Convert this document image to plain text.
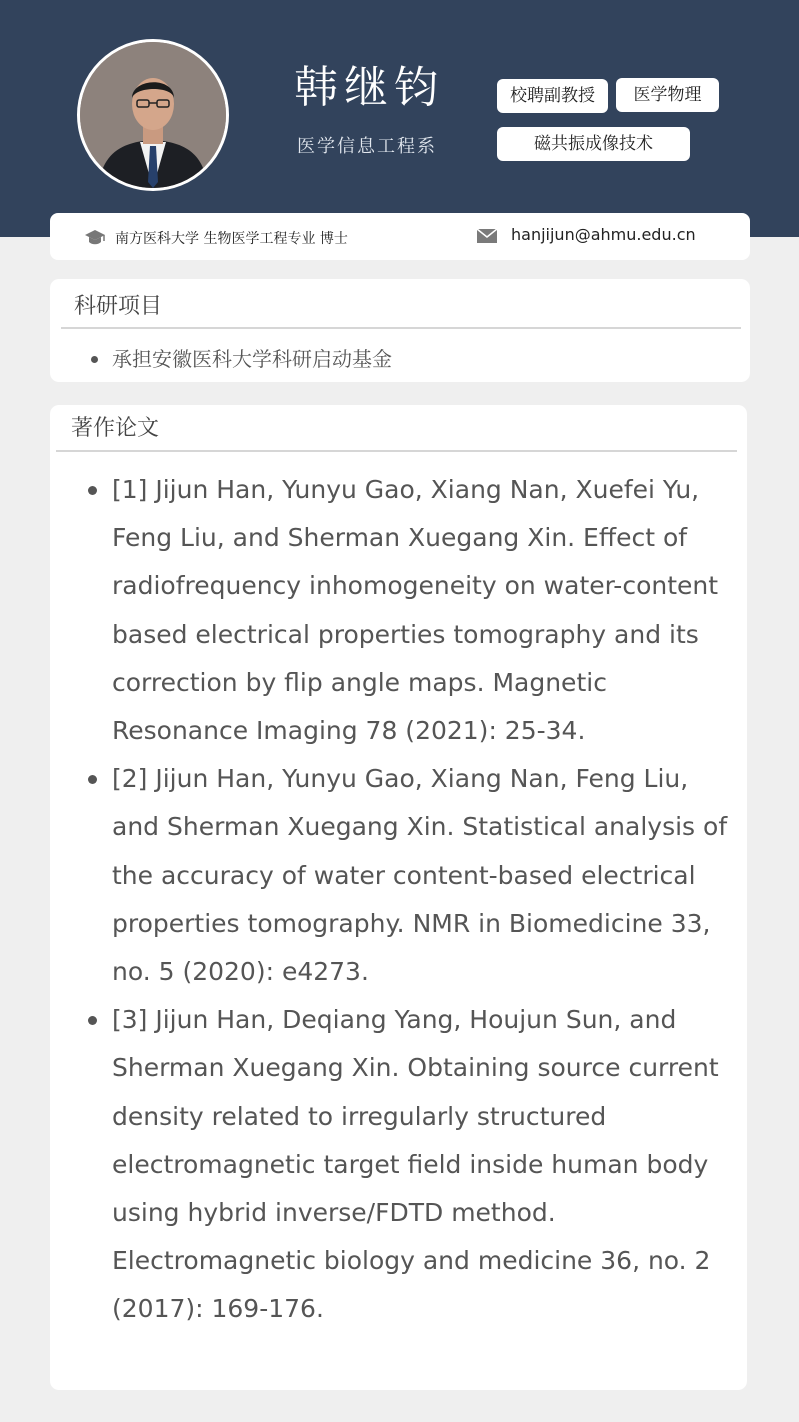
韩继钧
医学信息工程系
校聘副教授	医学物理
磁共振成像技术
南方医科大学 生物医学工程专业 博士	hanjijun@ahmu.edu.cn
科研项目
承担安徽医科大学科研启动基金
著作论文
[1] Jijun Han, Yunyu Gao, Xiang Nan, Xuefei Yu, Feng Liu, and Sherman Xuegang Xin. Effect of radiofrequency inhomogeneity on water-content based electrical properties tomography and its correction by flip angle maps. Magnetic Resonance Imaging 78 (2021): 25-34.
[2] Jijun Han, Yunyu Gao, Xiang Nan, Feng Liu, and Sherman Xuegang Xin. Statistical analysis of the accuracy of water content-based electrical properties tomography. NMR in Biomedicine 33, no. 5 (2020): e4273.
[3] Jijun Han, Deqiang Yang, Houjun Sun, and Sherman Xuegang Xin. Obtaining source current density related to irregularly structured electromagnetic target field inside human body using hybrid inverse/FDTD method. Electromagnetic biology and medicine 36, no. 2 (2017): 169-176.
